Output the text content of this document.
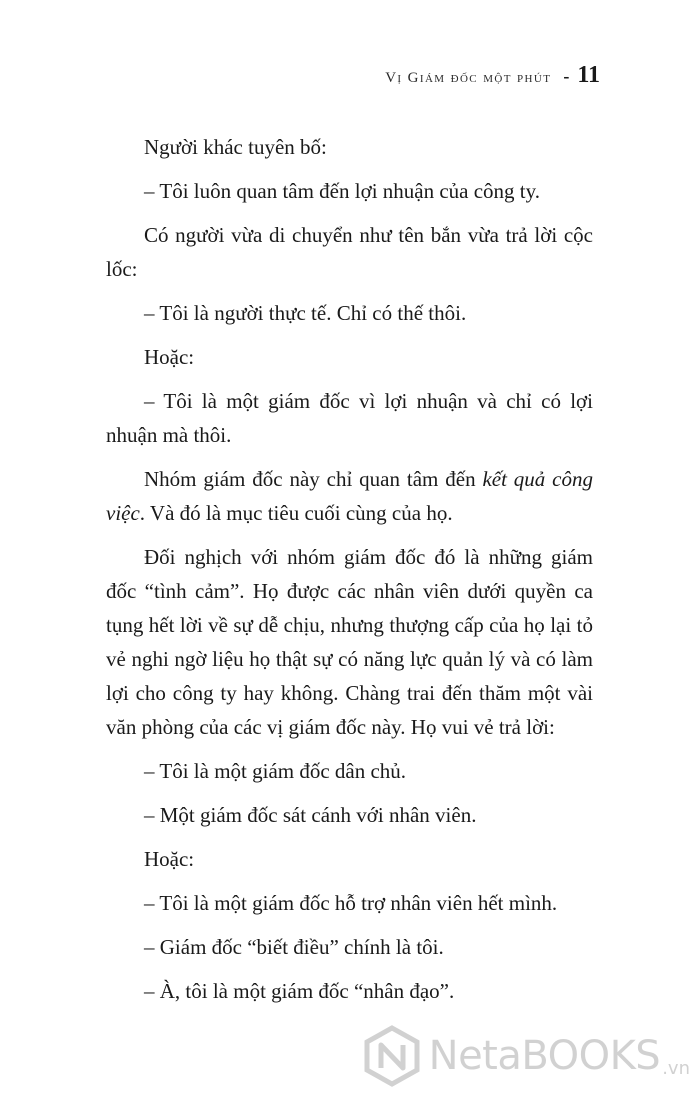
Vị Giám đốc một phút - 11

Người khác tuyên bố:

– Tôi luôn quan tâm đến lợi nhuận của công ty.

Có người vừa di chuyển như tên bắn vừa trả lời cộc lốc:

– Tôi là người thực tế. Chỉ có thế thôi.

Hoặc:

– Tôi là một giám đốc vì lợi nhuận và chỉ có lợi nhuận mà thôi.

Nhóm giám đốc này chỉ quan tâm đến kết quả công việc. Và đó là mục tiêu cuối cùng của họ.

Đối nghịch với nhóm giám đốc đó là những giám đốc “tình cảm”. Họ được các nhân viên dưới quyền ca tụng hết lời về sự dễ chịu, nhưng thượng cấp của họ lại tỏ vẻ nghi ngờ liệu họ thật sự có năng lực quản lý và có làm lợi cho công ty hay không. Chàng trai đến thăm một vài văn phòng của các vị giám đốc này. Họ vui vẻ trả lời:

– Tôi là một giám đốc dân chủ.

– Một giám đốc sát cánh với nhân viên.

Hoặc:

– Tôi là một giám đốc hỗ trợ nhân viên hết mình.

– Giám đốc “biết điều” chính là tôi.

– À, tôi là một giám đốc “nhân đạo”.

NetaBOOKS .vn
